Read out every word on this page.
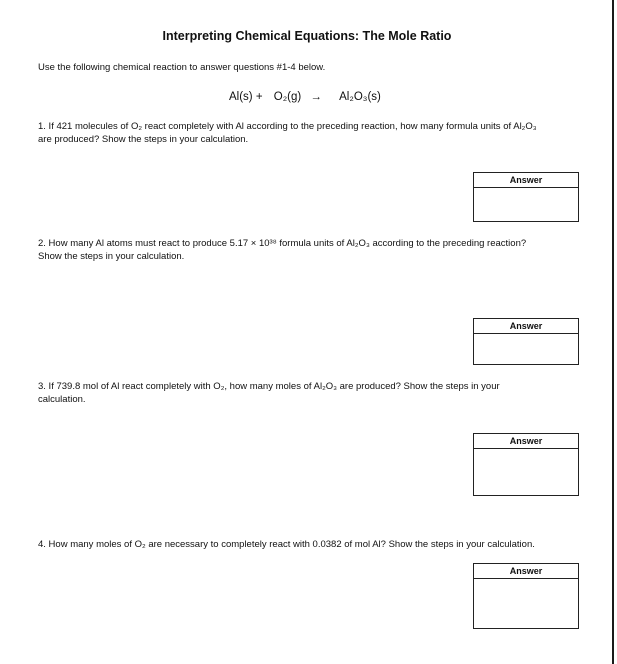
Interpreting Chemical Equations: The Mole Ratio
Use the following chemical reaction to answer questions #1-4 below.
Al(s) + O₂(g) → Al₂O₃(s)
1. If 421 molecules of O₂ react completely with Al according to the preceding reaction, how many formula units of Al₂O₃
are produced? Show the steps in your calculation.
Answer
2. How many Al atoms must react to produce 5.17 × 10³⁸ formula units of Al₂O₃ according to the preceding reaction?
Show the steps in your calculation.
Answer
3. If 739.8 mol of Al react completely with O₂, how many moles of Al₂O₃ are produced? Show the steps in your
calculation.
Answer
4. How many moles of O₂ are necessary to completely react with 0.0382 of mol Al? Show the steps in your calculation.
Answer
